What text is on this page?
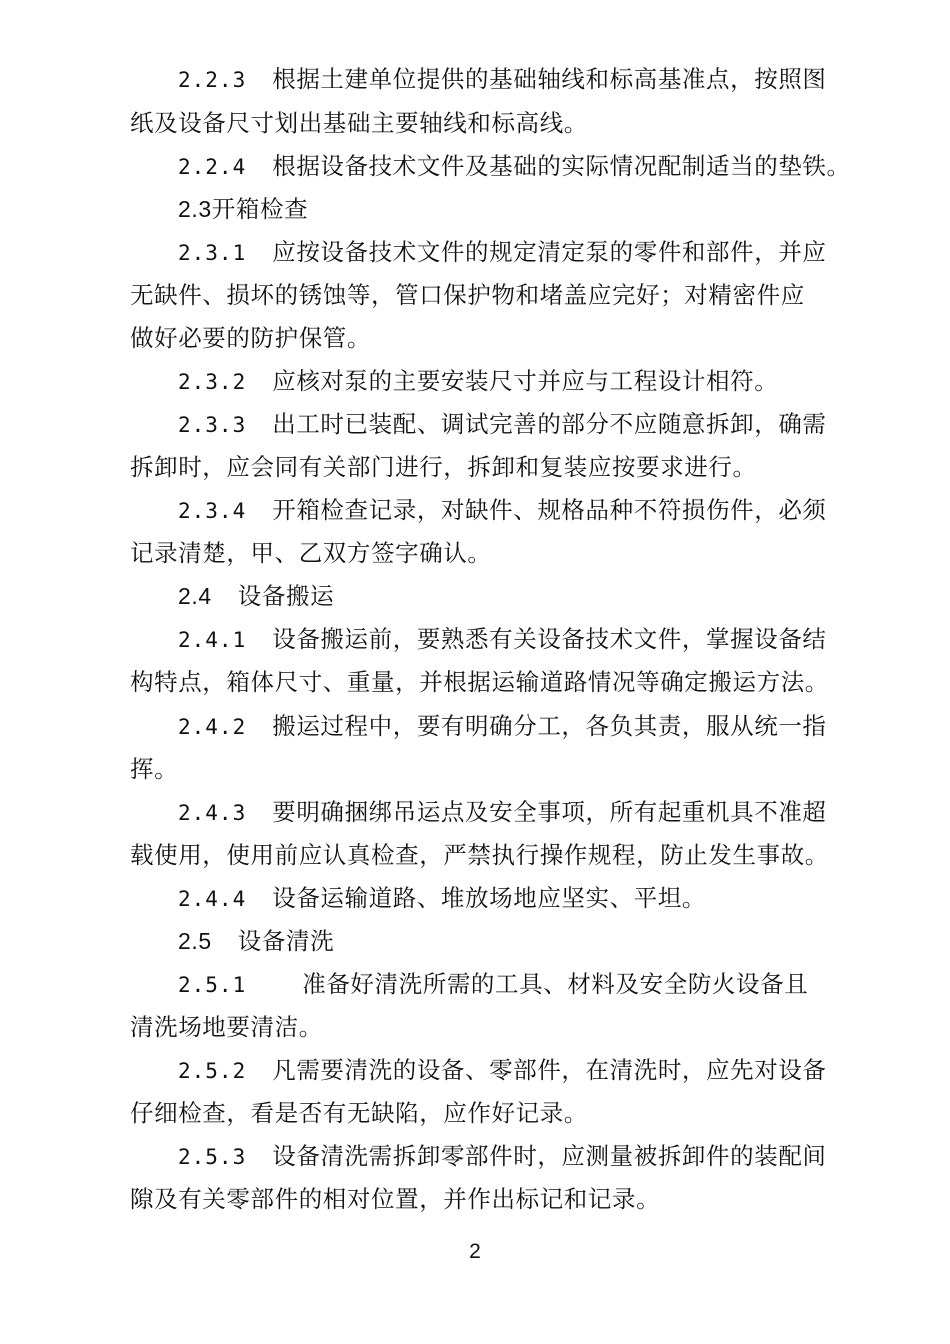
2.2.3 根据土建单位提供的基础轴线和标高基准点，按照图
纸及设备尺寸划出基础主要轴线和标高线。
2.2.4 根据设备技术文件及基础的实际情况配制适当的垫铁。
2.3开箱检查
2.3.1 应按设备技术文件的规定清定泵的零件和部件，并应
无缺件、损坏的锈蚀等，管口保护物和堵盖应完好；对精密件应
做好必要的防护保管。
2.3.2 应核对泵的主要安装尺寸并应与工程设计相符。
2.3.3 出工时已装配、调试完善的部分不应随意拆卸，确需
拆卸时，应会同有关部门进行，拆卸和复装应按要求进行。
2.3.4 开箱检查记录，对缺件、规格品种不符损伤件，必须
记录清楚，甲、乙双方签字确认。
2.4 设备搬运
2.4.1 设备搬运前，要熟悉有关设备技术文件，掌握设备结
构特点，箱体尺寸、重量，并根据运输道路情况等确定搬运方法。
2.4.2 搬运过程中，要有明确分工，各负其责，服从统一指
挥。
2.4.3 要明确捆绑吊运点及安全事项，所有起重机具不准超
载使用，使用前应认真检查，严禁执行操作规程，防止发生事故。
2.4.4 设备运输道路、堆放场地应坚实、平坦。
2.5 设备清洗
2.5.1 准备好清洗所需的工具、材料及安全防火设备且
清洗场地要清洁。
2.5.2 凡需要清洗的设备、零部件，在清洗时，应先对设备
仔细检查，看是否有无缺陷，应作好记录。
2.5.3 设备清洗需拆卸零部件时，应测量被拆卸件的装配间
隙及有关零部件的相对位置，并作出标记和记录。
2
